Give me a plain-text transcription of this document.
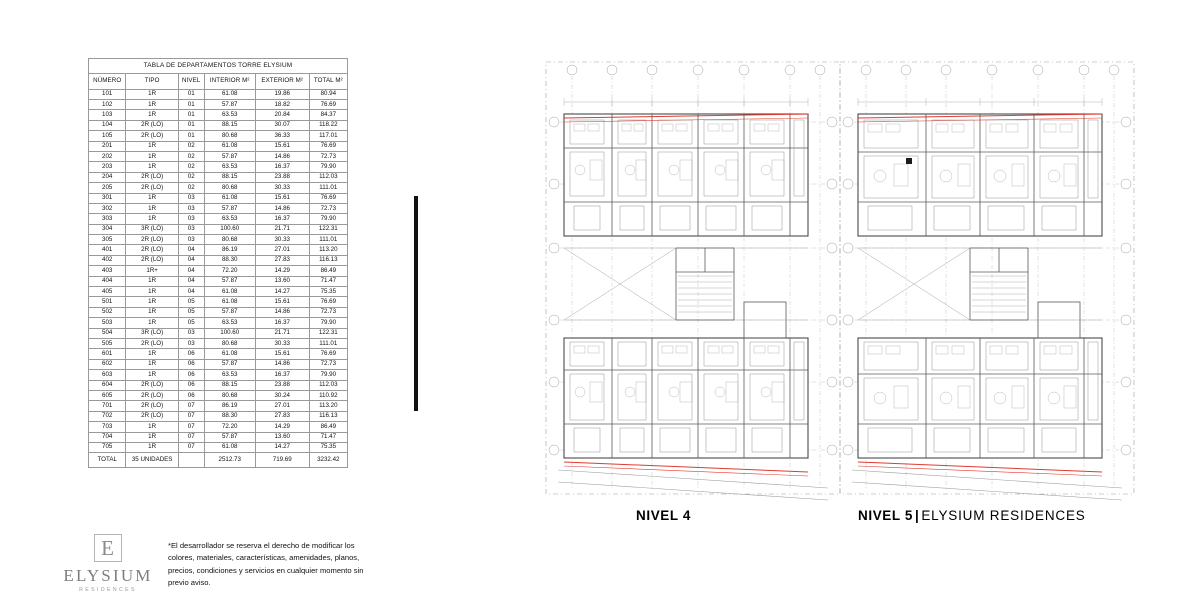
TABLA DE DEPARTAMENTOS TORRE ELYSIUM					
NÚMERO	TIPO	NIVEL	INTERIOR M²	EXTERIOR M²	TOTAL M²
101	1R	01	61.08	19.86	80.94
102	1R	01	57.87	18.82	76.69
103	1R	01	63.53	20.84	84.37
104	2R (LO)	01	88.15	30.07	118.22
105	2R (LO)	01	80.68	36.33	117.01
201	1R	02	61.08	15.61	76.69
202	1R	02	57.87	14.86	72.73
203	1R	02	63.53	16.37	79.90
204	2R (LO)	02	88.15	23.88	112.03
205	2R (LO)	02	80.68	30.33	111.01
301	1R	03	61.08	15.61	76.69
302	1R	03	57.87	14.86	72.73
303	1R	03	63.53	16.37	79.90
304	3R (LO)	03	100.60	21.71	122.31
305	2R (LO)	03	80.68	30.33	111.01
401	2R (LO)	04	86.19	27.01	113.20
402	2R (LO)	04	88.30	27.83	116.13
403	1R+	04	72.20	14.29	86.49
404	1R	04	57.87	13.60	71.47
405	1R	04	61.08	14.27	75.35
501	1R	05	61.08	15.61	76.69
502	1R	05	57.87	14.86	72.73
503	1R	05	63.53	16.37	79.90
504	3R (LO)	03	100.60	21.71	122.31
505	2R (LO)	03	80.68	30.33	111.01
601	1R	06	61.08	15.61	76.69
602	1R	06	57.87	14.86	72.73
603	1R	06	63.53	16.37	79.90
604	2R (LO)	06	88.15	23.88	112.03
605	2R (LO)	06	80.68	30.24	110.92
701	2R (LO)	07	86.19	27.01	113.20
702	2R (LO)	07	88.30	27.83	116.13
703	1R	07	72.20	14.29	86.49
704	1R	07	57.87	13.60	71.47
705	1R	07	61.08	14.27	75.35
TOTAL	35 UNIDADES		2512.73	719.69	3232.42
NIVEL 4	NIVEL 5 | ELYSIUM RESIDENCES
E
ELYSIUM
RESIDENCES
*El desarrollador se reserva el derecho de modificar los colores, materiales, características, amenidades, planos, precios, condiciones y servicios en cualquier momento sin previo aviso.
